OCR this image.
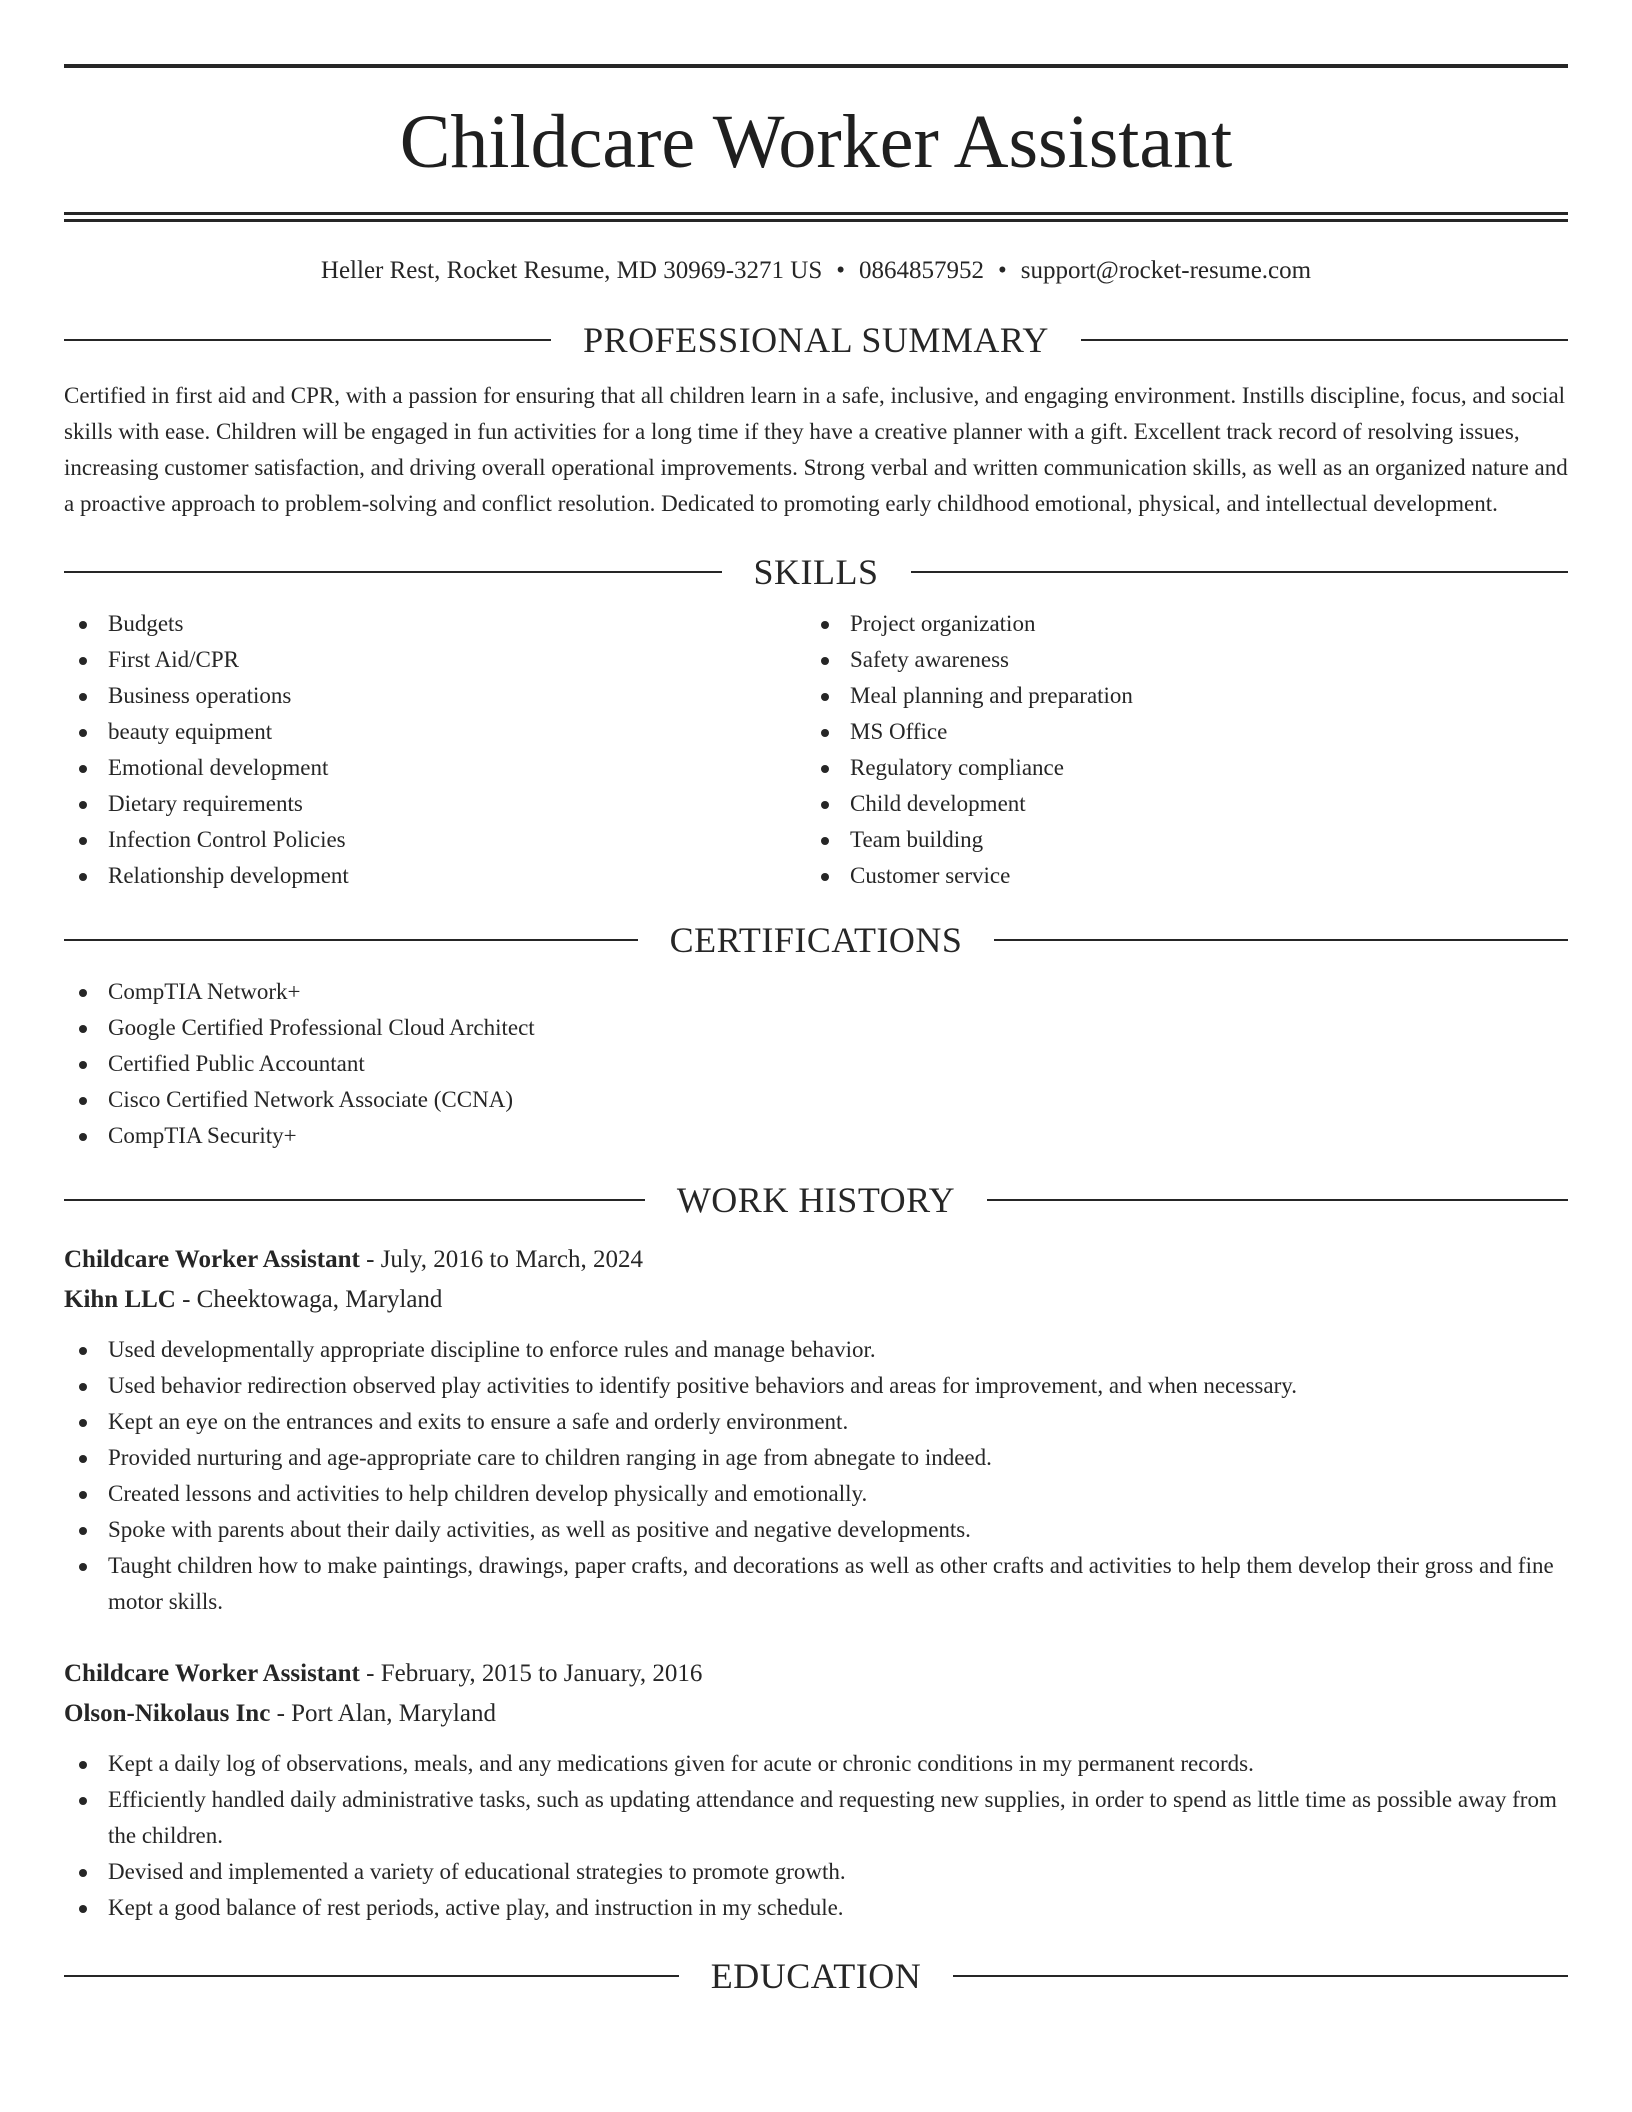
Childcare Worker Assistant
Heller Rest, Rocket Resume, MD 30969-3271 US • 0864857952 • support@rocket-resume.com
PROFESSIONAL SUMMARY
Certified in first aid and CPR, with a passion for ensuring that all children learn in a safe, inclusive, and engaging environment. Instills discipline, focus, and social skills with ease. Children will be engaged in fun activities for a long time if they have a creative planner with a gift. Excellent track record of resolving issues, increasing customer satisfaction, and driving overall operational improvements. Strong verbal and written communication skills, as well as an organized nature and a proactive approach to problem-solving and conflict resolution. Dedicated to promoting early childhood emotional, physical, and intellectual development.
SKILLS
Budgets
First Aid/CPR
Business operations
beauty equipment
Emotional development
Dietary requirements
Infection Control Policies
Relationship development
Project organization
Safety awareness
Meal planning and preparation
MS Office
Regulatory compliance
Child development
Team building
Customer service
CERTIFICATIONS
CompTIA Network+
Google Certified Professional Cloud Architect
Certified Public Accountant
Cisco Certified Network Associate (CCNA)
CompTIA Security+
WORK HISTORY
Childcare Worker Assistant - July, 2016 to March, 2024
Kihn LLC - Cheektowaga, Maryland
Used developmentally appropriate discipline to enforce rules and manage behavior.
Used behavior redirection observed play activities to identify positive behaviors and areas for improvement, and when necessary.
Kept an eye on the entrances and exits to ensure a safe and orderly environment.
Provided nurturing and age-appropriate care to children ranging in age from abnegate to indeed.
Created lessons and activities to help children develop physically and emotionally.
Spoke with parents about their daily activities, as well as positive and negative developments.
Taught children how to make paintings, drawings, paper crafts, and decorations as well as other crafts and activities to help them develop their gross and fine motor skills.
Childcare Worker Assistant - February, 2015 to January, 2016
Olson-Nikolaus Inc - Port Alan, Maryland
Kept a daily log of observations, meals, and any medications given for acute or chronic conditions in my permanent records.
Efficiently handled daily administrative tasks, such as updating attendance and requesting new supplies, in order to spend as little time as possible away from the children.
Devised and implemented a variety of educational strategies to promote growth.
Kept a good balance of rest periods, active play, and instruction in my schedule.
EDUCATION
